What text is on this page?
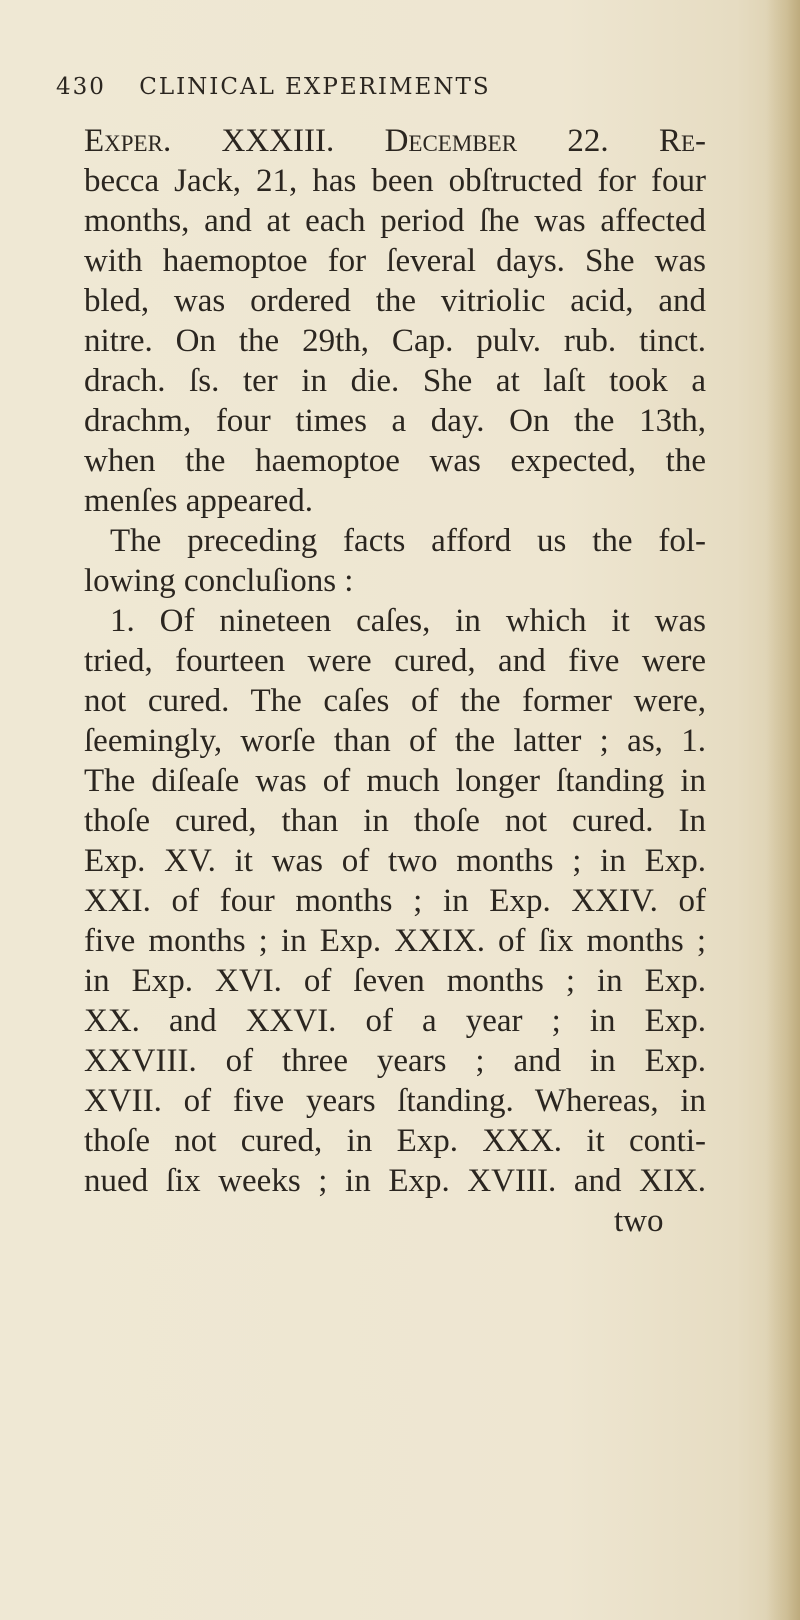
430 CLINICAL EXPERIMENTS
Exper. XXXIII. December 22. Re-
becca Jack, 21, has been obſtructed for four
months, and at each period ſhe was affected
with haemoptoe for ſeveral days. She was
bled, was ordered the vitriolic acid, and
nitre. On the 29th, Cap. pulv. rub. tinct.
drach. ſs. ter in die. She at laſt took a
drachm, four times a day. On the 13th,
when the haemoptoe was expected, the
menſes appeared.
The preceding facts afford us the fol-
lowing concluſions :
1. Of nineteen caſes, in which it was
tried, fourteen were cured, and five were
not cured. The caſes of the former were,
ſeemingly, worſe than of the latter ; as, 1.
The diſeaſe was of much longer ſtanding in
thoſe cured, than in thoſe not cured. In
Exp. XV. it was of two months ; in Exp.
XXI. of four months ; in Exp. XXIV. of
five months ; in Exp. XXIX. of ſix months ;
in Exp. XVI. of ſeven months ; in Exp.
XX. and XXVI. of a year ; in Exp.
XXVIII. of three years ; and in Exp.
XVII. of five years ſtanding. Whereas, in
thoſe not cured, in Exp. XXX. it conti-
nued ſix weeks ; in Exp. XVIII. and XIX.
two
